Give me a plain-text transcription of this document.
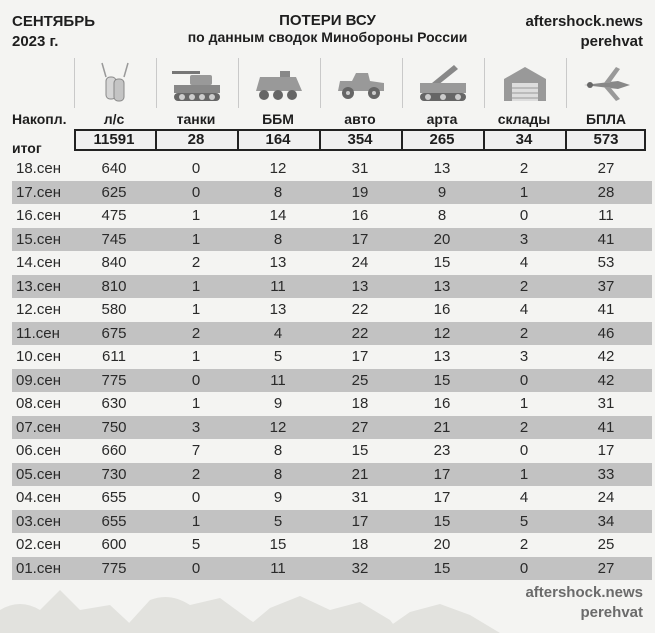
СЕНТЯБРЬ
2023 г.
ПОТЕРИ ВСУ
по данным сводок Минобороны России
aftershock.news
perehvat
Накопл.	л/с	танки	ББМ	авто	арта	склады	БПЛА
итог	11591	28	164	354	265	34	573
18.сен	640	0	12	31	13	2	27
17.сен	625	0	8	19	9	1	28
16.сен	475	1	14	16	8	0	11
15.сен	745	1	8	17	20	3	41
14.сен	840	2	13	24	15	4	53
13.сен	810	1	11	13	13	2	37
12.сен	580	1	13	22	16	4	41
11.сен	675	2	4	22	12	2	46
10.сен	611	1	5	17	13	3	42
09.сен	775	0	11	25	15	0	42
08.сен	630	1	9	18	16	1	31
07.сен	750	3	12	27	21	2	41
06.сен	660	7	8	15	23	0	17
05.сен	730	2	8	21	17	1	33
04.сен	655	0	9	31	17	4	24
03.сен	655	1	5	17	15	5	34
02.сен	600	5	15	18	20	2	25
01.сен	775	0	11	32	15	0	27
aftershock.news
perehvat
